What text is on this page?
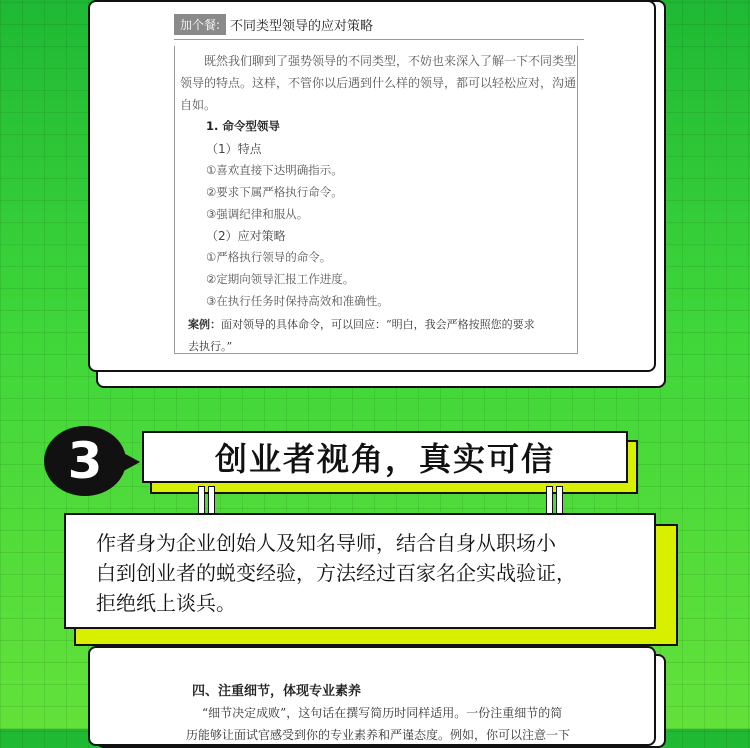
加个餐: 不同类型领导的应对策略
既然我们聊到了强势领导的不同类型，不妨也来深入了解一下不同类型
领导的特点。这样，不管你以后遇到什么样的领导，都可以轻松应对，沟通
自如。
1. 命令型领导
（1）特点
①喜欢直接下达明确指示。
②要求下属严格执行命令。
③强调纪律和服从。
（2）应对策略
①严格执行领导的命令。
②定期向领导汇报工作进度。
③在执行任务时保持高效和准确性。
案例：面对领导的具体命令，可以回应：“明白，我会严格按照您的要求
去执行。”
3	创业者视角，真实可信
作者身为企业创始人及知名导师，结合自身从职场小
白到创业者的蜕变经验，方法经过百家名企实战验证，
拒绝纸上谈兵。
四、注重细节，体现专业素养
“细节决定成败”，这句话在撰写简历时同样适用。一份注重细节的简
历能够让面试官感受到你的专业素养和严谨态度。例如，你可以注意一下
